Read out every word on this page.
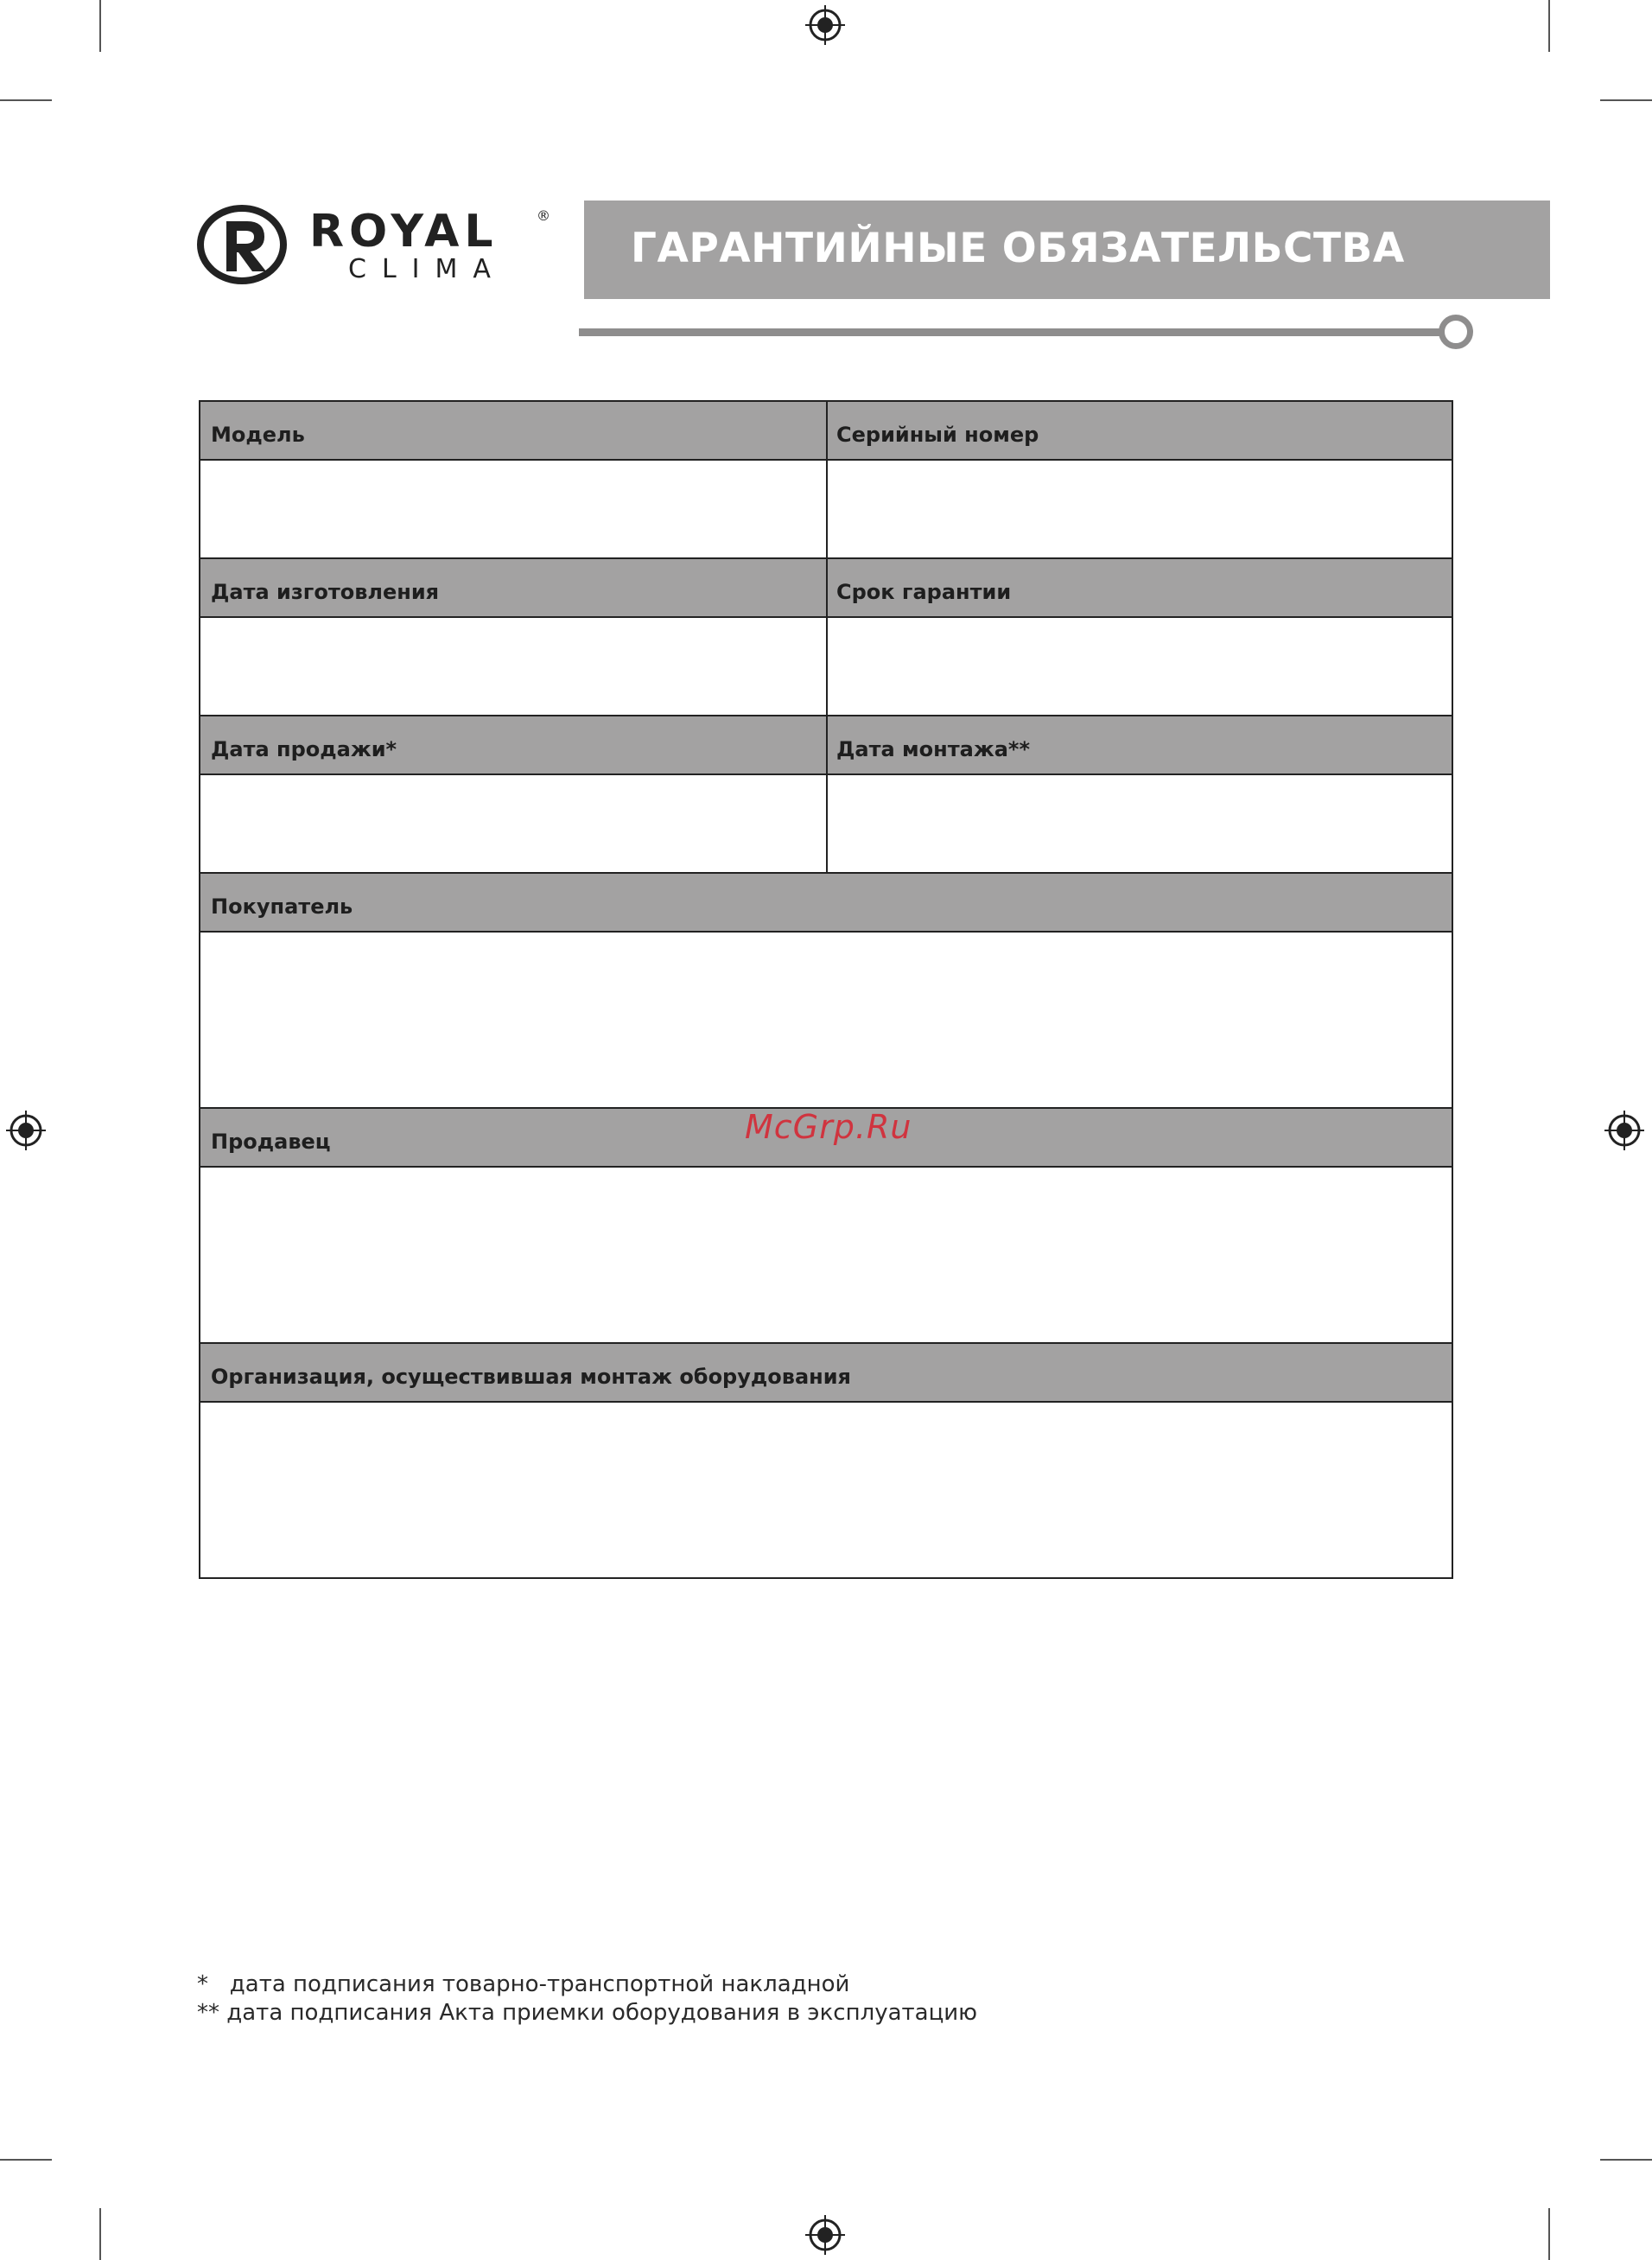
ROYAL	®
CLIMA	ГАРАНТИЙНЫЕ ОБЯЗАТЕЛЬСТВА
Модель	Серийный номер
Дата изготовления	Срок гарантии
Дата продажи*	Дата монтажа**
Покупатель
Продавец
Организация, осуществившая монтаж оборудования
McGrp.Ru
*   дата подписания товарно-транспортной накладной
** дата подписания Акта приемки оборудования в эксплуатацию
